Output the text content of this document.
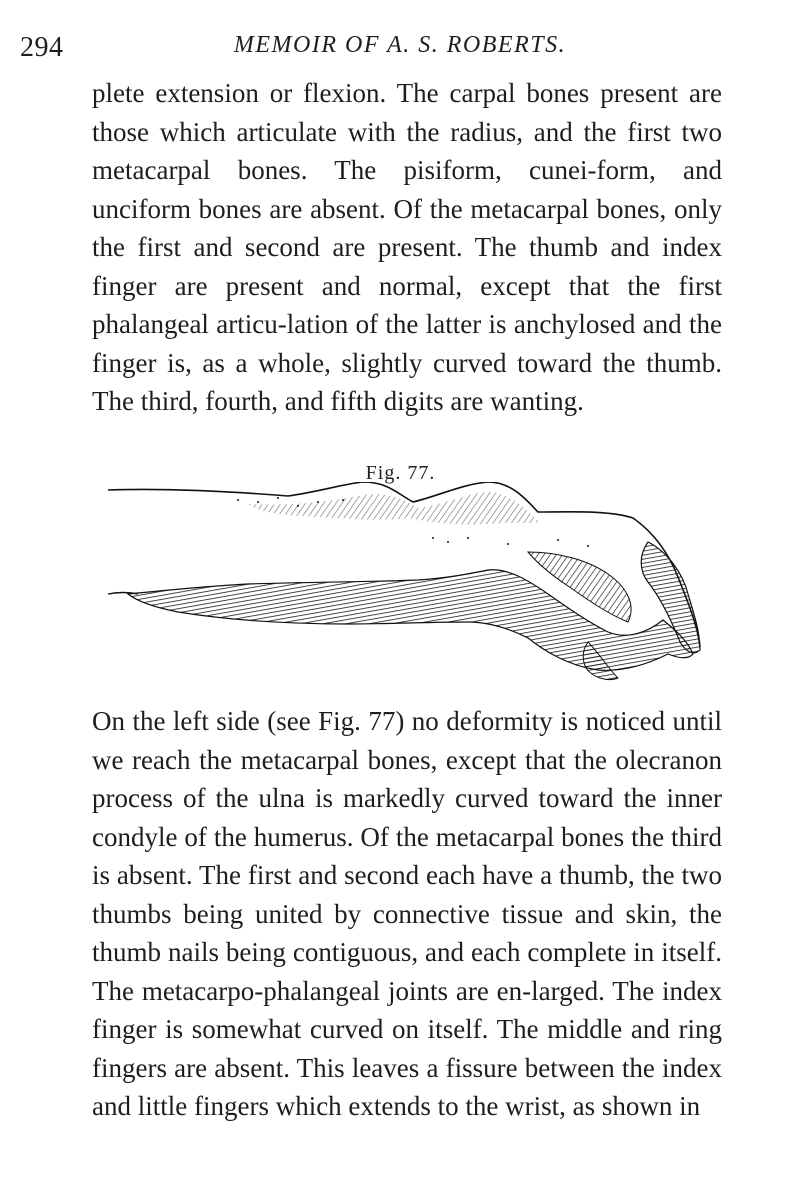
294	MEMOIR OF A. S. ROBERTS.

plete extension or flexion. The carpal bones present are those which articulate with the radius, and the first two metacarpal bones. The pisiform, cunei-form, and unciform bones are absent. Of the metacarpal bones, only the first and second are present. The thumb and index finger are present and normal, except that the first phalangeal articu-lation of the latter is anchylosed and the finger is, as a whole, slightly curved toward the thumb. The third, fourth, and fifth digits are wanting.

Fig. 77.

On the left side (see Fig. 77) no deformity is noticed until we reach the metacarpal bones, except that the olecranon process of the ulna is markedly curved toward the inner condyle of the humerus. Of the metacarpal bones the third is absent. The first and second each have a thumb, the two thumbs being united by connective tissue and skin, the thumb nails being contiguous, and each complete in itself. The metacarpo-phalangeal joints are en-larged. The index finger is somewhat curved on itself. The middle and ring fingers are absent. This leaves a fissure between the index and little fingers which extends to the wrist, as shown in
